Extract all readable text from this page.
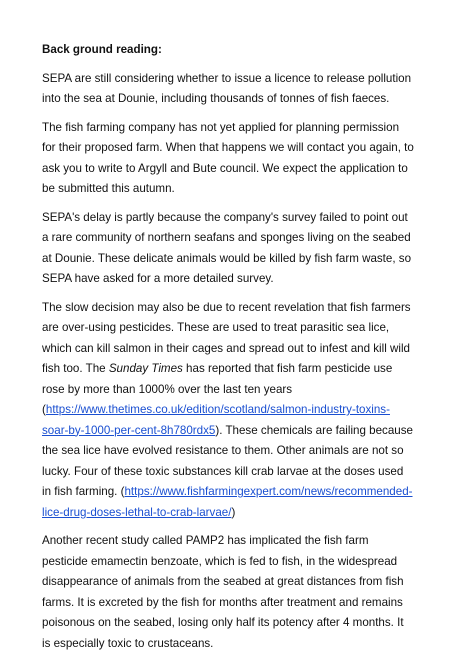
Back ground reading:

SEPA are still considering whether to issue a licence to release pollution into the sea at Dounie, including thousands of tonnes of fish faeces.

The fish farming company has not yet applied for planning permission for their proposed farm. When that happens we will contact you again, to ask you to write to Argyll and Bute council. We expect the application to be submitted this autumn.

SEPA's delay is partly because the company's survey failed to point out a rare community of northern seafans and sponges living on the seabed at Dounie. These delicate animals would be killed by fish farm waste, so SEPA have asked for a more detailed survey.

The slow decision may also be due to recent revelation that fish farmers are over-using pesticides. These are used to treat parasitic sea lice, which can kill salmon in their cages and spread out to infest and kill wild fish too. The Sunday Times has reported that fish farm pesticide use rose by more than 1000% over the last ten years (https://www.thetimes.co.uk/edition/scotland/salmon-industry-toxins-soar-by-1000-per-cent-8h780rdx5). These chemicals are failing because the sea lice have evolved resistance to them. Other animals are not so lucky. Four of these toxic substances kill crab larvae at the doses used in fish farming. (https://www.fishfarmingexpert.com/news/recommended-lice-drug-doses-lethal-to-crab-larvae/)

Another recent study called PAMP2 has implicated the fish farm pesticide emamectin benzoate, which is fed to fish, in the widespread disappearance of animals from the seabed at great distances from fish farms. It is excreted by the fish for months after treatment and remains poisonous on the seabed, losing only half its potency after 4 months. It is especially toxic to crustaceans.
